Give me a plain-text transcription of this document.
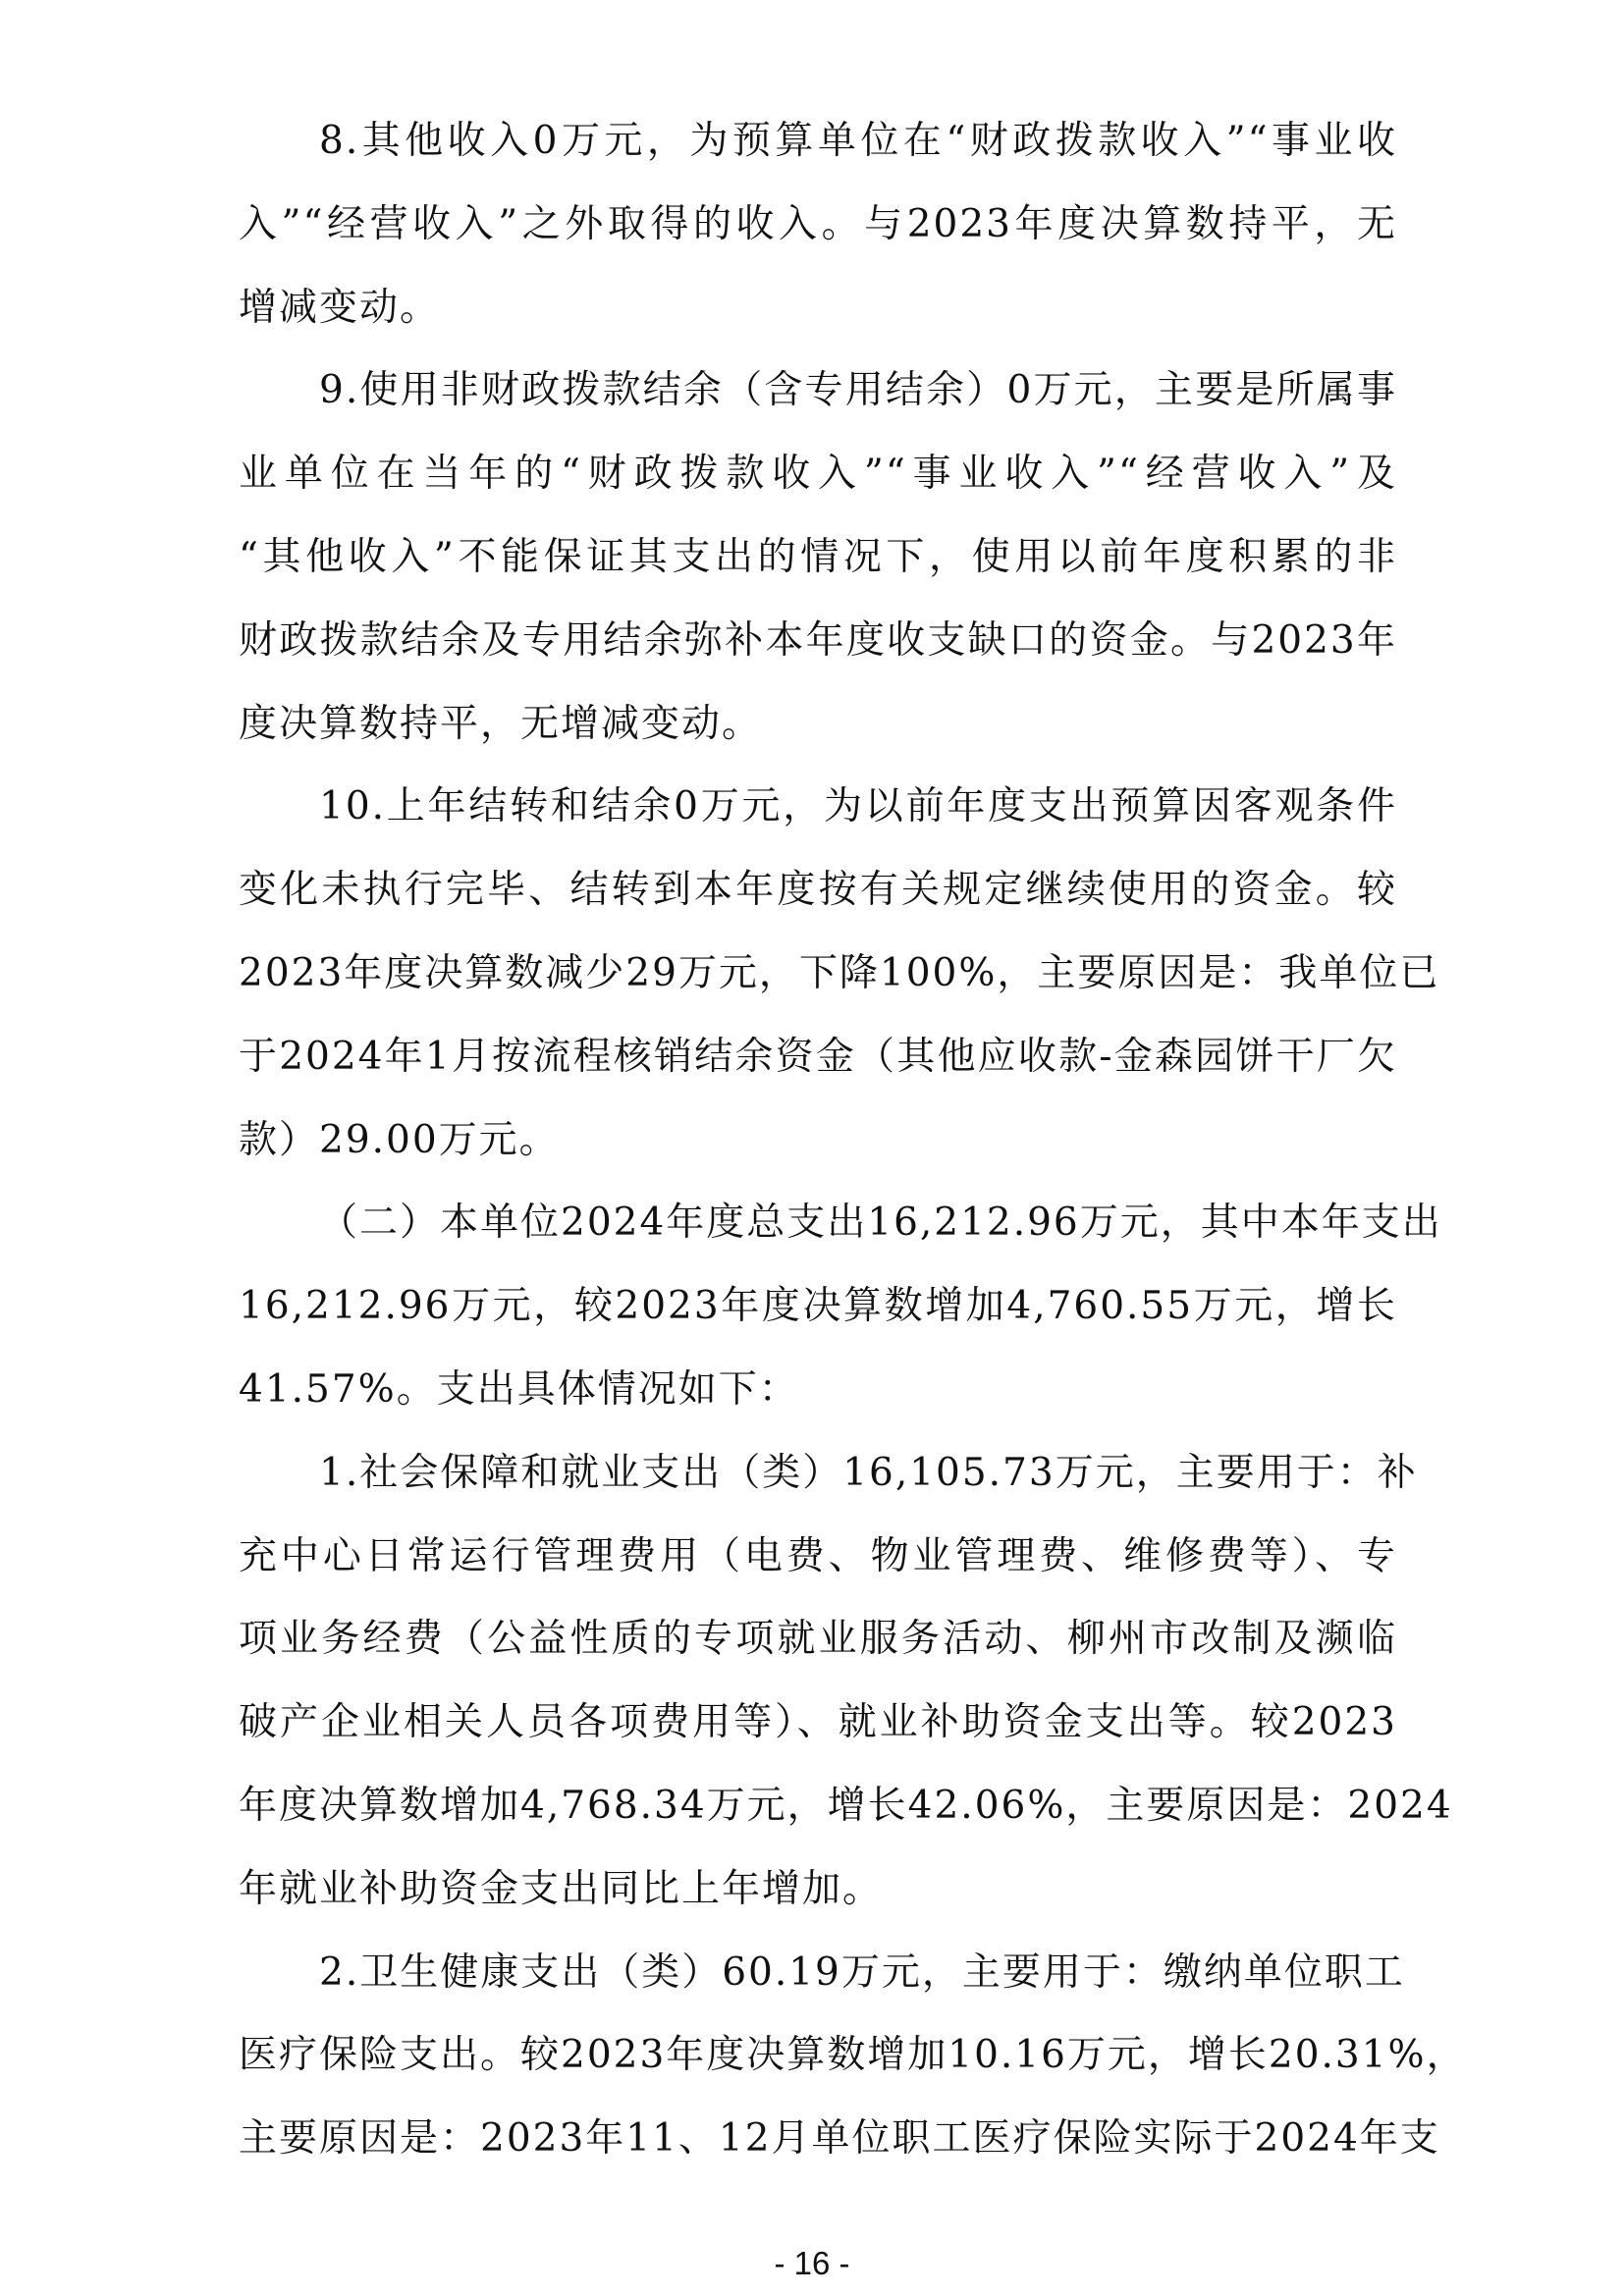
8.其他收入0万元，为预算单位在“财政拨款收入”“事业收
入”“经营收入”之外取得的收入。与2023年度决算数持平，无
增减变动。

9.使用非财政拨款结余（含专用结余）0万元，主要是所属事
业单位在当年的“财政拨款收入”“事业收入”“经营收入”及
“其他收入”不能保证其支出的情况下，使用以前年度积累的非
财政拨款结余及专用结余弥补本年度收支缺口的资金。与2023年
度决算数持平，无增减变动。

10.上年结转和结余0万元，为以前年度支出预算因客观条件
变化未执行完毕、结转到本年度按有关规定继续使用的资金。较
2023年度决算数减少29万元，下降100%，主要原因是：我单位已
于2024年1月按流程核销结余资金（其他应收款-金森园饼干厂欠
款）29.00万元。

（二）本单位2024年度总支出16,212.96万元，其中本年支出
16,212.96万元，较2023年度决算数增加4,760.55万元，增长
41.57%。支出具体情况如下：

1.社会保障和就业支出（类）16,105.73万元，主要用于：补
充中心日常运行管理费用（电费、物业管理费、维修费等）、专
项业务经费（公益性质的专项就业服务活动、柳州市改制及濒临
破产企业相关人员各项费用等）、就业补助资金支出等。较2023
年度决算数增加4,768.34万元，增长42.06%，主要原因是：2024
年就业补助资金支出同比上年增加。

2.卫生健康支出（类）60.19万元，主要用于：缴纳单位职工
医疗保险支出。较2023年度决算数增加10.16万元，增长20.31%，
主要原因是：2023年11、12月单位职工医疗保险实际于2024年支

- 16 -
